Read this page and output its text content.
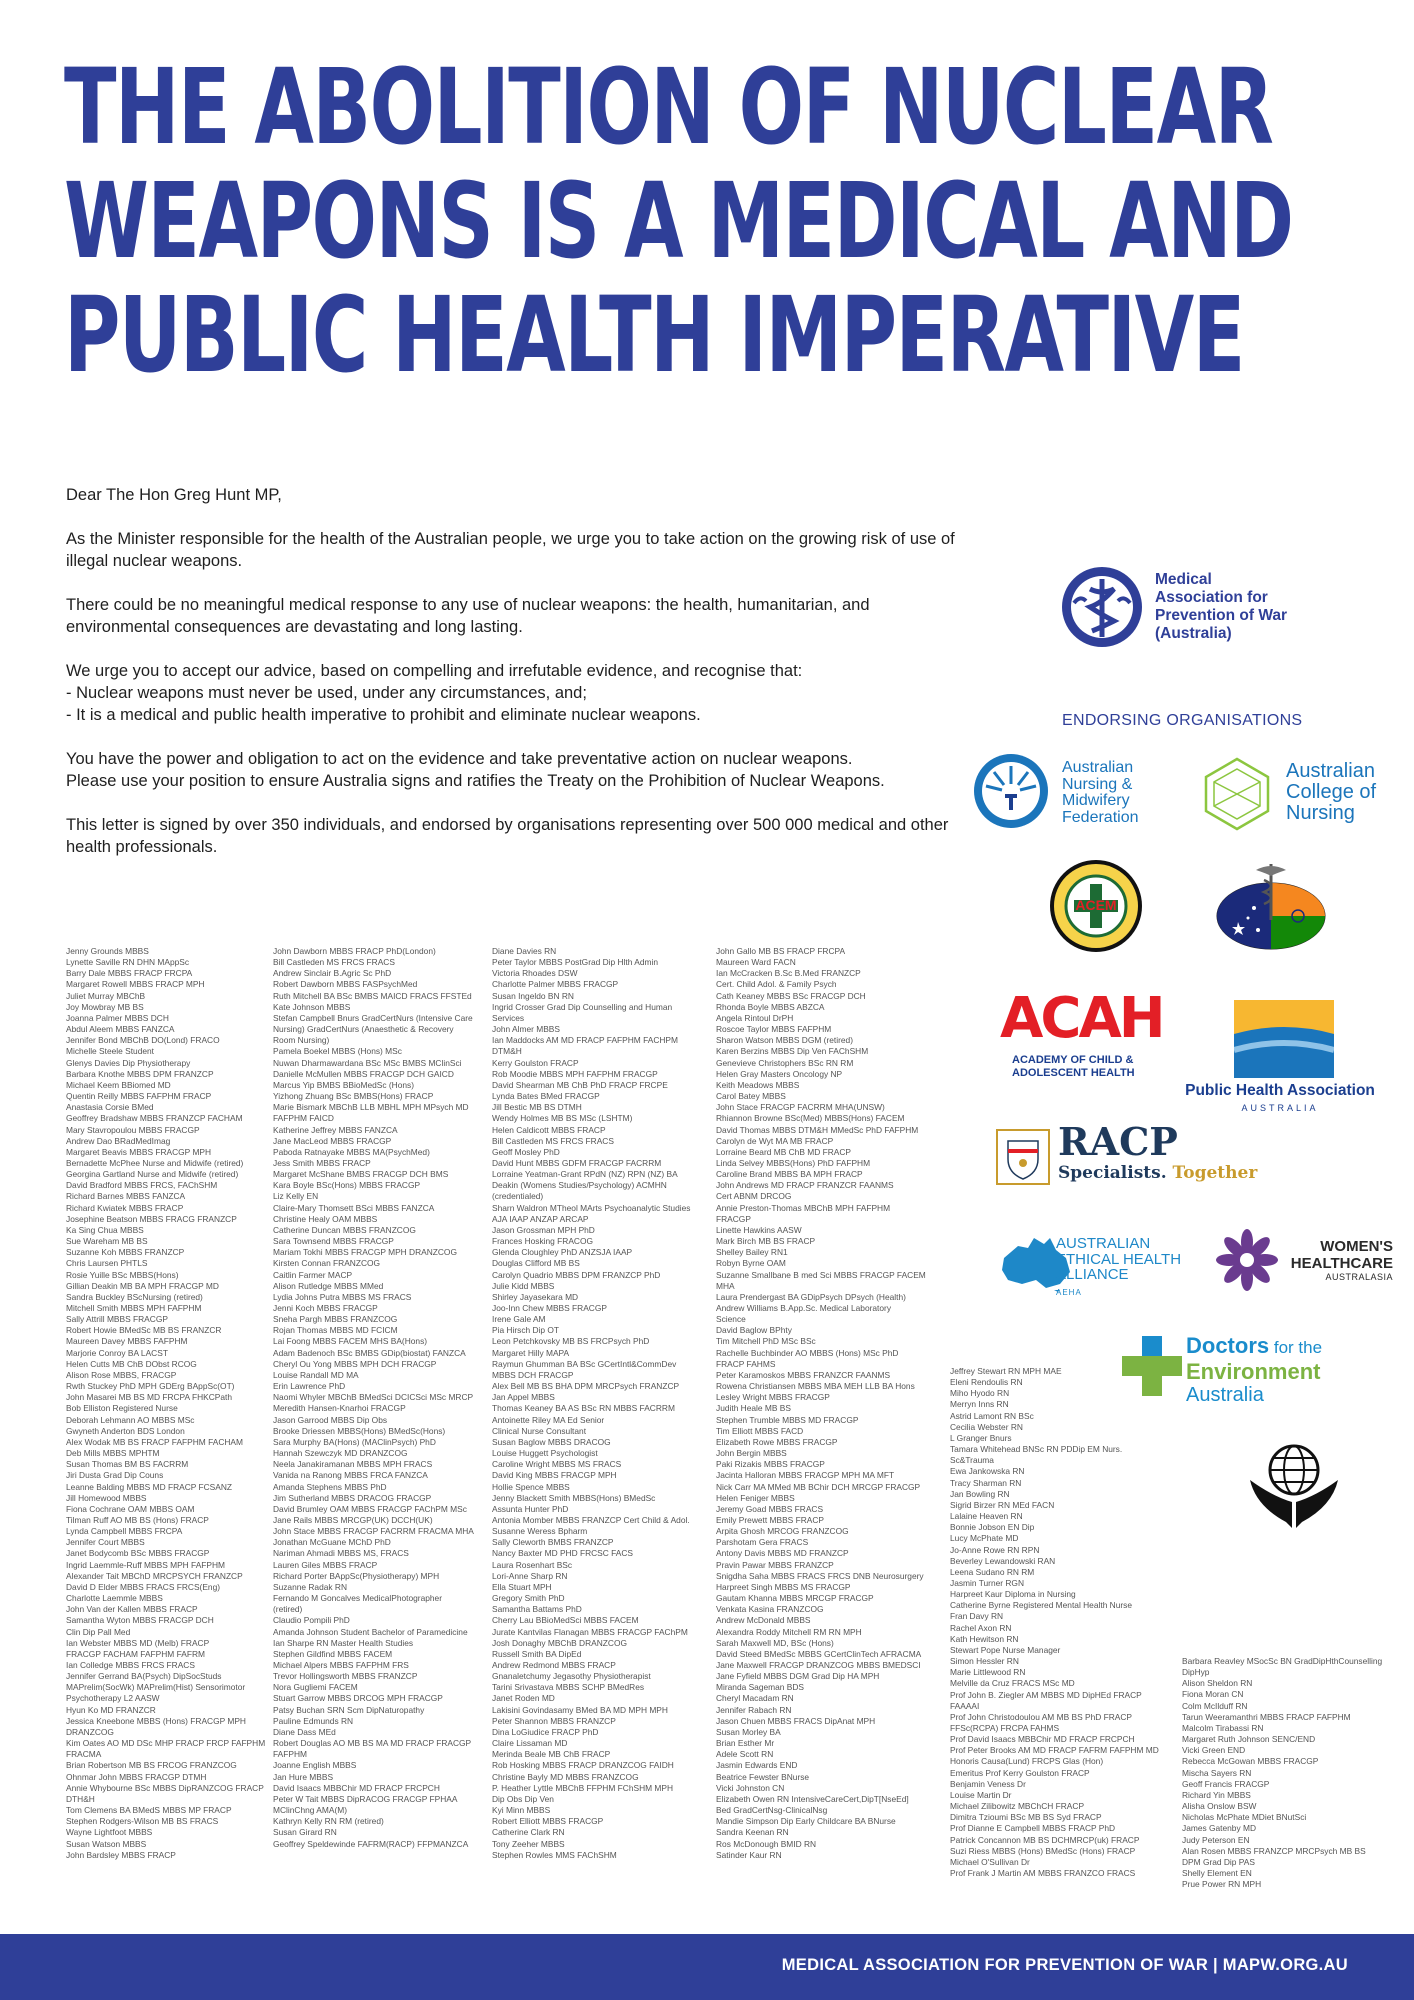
THE ABOLITION OF NUCLEAR
WEAPONS IS A MEDICAL AND
PUBLIC HEALTH IMPERATIVE

Dear The Hon Greg Hunt MP,

As the Minister responsible for the health of the Australian people, we urge you to take action on the growing risk of use of illegal nuclear weapons.

There could be no meaningful medical response to any use of nuclear weapons: the health, humanitarian, and environmental consequences are devastating and long lasting.

We urge you to accept our advice, based on compelling and irrefutable evidence, and recognise that:
- Nuclear weapons must never be used, under any circumstances, and;
- It is a medical and public health imperative to prohibit and eliminate nuclear weapons.

You have the power and obligation to act on the evidence and take preventative action on nuclear weapons.
Please use your position to ensure Australia signs and ratifies the Treaty on the Prohibition of Nuclear Weapons.

This letter is signed by over 350 individuals, and endorsed by organisations representing over 500 000 medical and other health professionals.

Medical
Association for
Prevention of War
(Australia)
ENDORSING ORGANISATIONS
Australian
Nursing &
Midwifery
Federation
Australian
College of
Nursing
ACEM
ACAH
ACADEMY OF CHILD &
ADOLESCENT HEALTH
Public Health Association
AUSTRALIA
RACP
Specialists. Together
AUSTRALIAN
ETHICAL HEALTH
ALLIANCE
AEHA
WOMEN'S
HEALTHCARE
AUSTRALASIA
Doctors for the
Environment
Australia
Jenny Grounds MBBS
Lynette Saville RN DHN MAppSc
Barry Dale MBBS FRACP FRCPA
Margaret Rowell MBBS FRACP MPH
Juliet Murray MBChB
Joy Mowbray MB BS
Joanna Palmer MBBS DCH
Abdul Aleem MBBS FANZCA
Jennifer Bond MBChB DO(Lond) FRACO
Michelle Steele Student
Glenys Davies Dip Physiotherapy
Barbara Knothe MBBS DPM FRANZCP
Michael Keem BBiomed MD
Quentin Reilly MBBS FAFPHM FRACP
Anastasia Corsie BMed
Geoffrey Bradshaw MBBS FRANZCP FACHAM
Mary Stavropoulou MBBS FRACGP
Andrew Dao BRadMedImag
Margaret Beavis MBBS FRACGP MPH
Bernadette McPhee Nurse and Midwife (retired)
Georgina Gartland Nurse and Midwife (retired)
David Bradford MBBS FRCS, FAChSHM
Richard Barnes MBBS FANZCA
Richard Kwiatek MBBS FRACP
Josephine Beatson MBBS FRACG FRANZCP
Ka Sing Chua MBBS
Sue Wareham MB BS
Suzanne Koh MBBS FRANZCP
Chris Laursen PHTLS
Rosie Yuille BSc MBBS(Hons)
Gillian Deakin MB BA MPH FRACGP MD
Sandra Buckley BScNursing (retired)
Mitchell Smith MBBS MPH FAFPHM
Sally Attrill MBBS FRACGP
Robert Howie BMedSc MB BS FRANZCR
Maureen Davey MBBS FAFPHM
Marjorie Conroy BA LACST
Helen Cutts MB ChB DObst RCOG
Alison Rose MBBS, FRACGP
Rwth Stuckey PhD MPH GDErg BAppSc(OT)
John Masarei MB BS MD FRCPA FHKCPath
Bob Elliston Registered Nurse
Deborah Lehmann AO MBBS MSc
Gwyneth Anderton BDS London
Alex Wodak MB BS FRACP FAFPHM FACHAM
Deb Mills MBBS MPHTM
Susan Thomas BM BS FACRRM
Jiri Dusta Grad Dip Couns
Leanne Balding MBBS MD FRACP FCSANZ
Jill Homewood MBBS
Fiona Cochrane OAM MBBS OAM
Tilman Ruff AO MB BS (Hons) FRACP
Lynda Campbell MBBS FRCPA
Jennifer Court MBBS
Janet Bodycomb BSc MBBS FRACGP
Ingrid Laemmle-Ruff MBBS MPH FAFPHM
Alexander Tait MBChD MRCPSYCH FRANZCP
David D Elder MBBS FRACS FRCS(Eng)
Charlotte Laemmle MBBS
John Van der Kallen MBBS FRACP
Samantha Wyton MBBS FRACGP DCH
Clin Dip Pall Med
Ian Webster MBBS MD (Melb) FRACP
FRACGP FACHAM FAFPHM FAFRM
Ian Colledge MBBS FRCS FRACS
Jennifer Gerrand BA(Psych) DipSocStuds
MAPrelim(SocWk) MAPrelim(Hist) Sensorimotor
Psychotherapy L2 AASW
Hyun Ko MD FRANZCR
Jessica Kneebone MBBS (Hons) FRACGP MPH
DRANZCOG
Kim Oates AO MD DSc MHP FRACP FRCP FAFPHM
FRACMA
Brian Robertson MB BS FRCOG FRANZCOG
Ohnmar John MBBS FRACGP DTMH
Annie Whybourne BSc MBBS DipRANZCOG FRACP
DTH&H
Tom Clemens BA BMedS MBBS MP FRACP
Stephen Rodgers-Wilson MB BS FRACS
Wayne Lightfoot MBBS
Susan Watson MBBS
John Bardsley MBBS FRACP
John Dawborn MBBS FRACP PhD(London)
Bill Castleden MS FRCS FRACS
Andrew Sinclair B.Agric Sc PhD
Robert Dawborn MBBS FASPsychMed
Ruth Mitchell BA BSc BMBS MAICD FRACS FFSTEd
Kate Johnson MBBS
Stefan Campbell Bnurs GradCertNurs (Intensive Care
Nursing) GradCertNurs (Anaesthetic & Recovery
Room Nursing)
Pamela Boekel MBBS (Hons) MSc
Nuwan Dharmawardana BSc MSc BMBS MClinSci
Danielle McMullen MBBS FRACGP DCH GAICD
Marcus Yip BMBS BBioMedSc (Hons)
Yizhong Zhuang BSc BMBS(Hons) FRACP
Marie Bismark MBChB LLB MBHL MPH MPsych MD
FAFPHM FAICD
Katherine Jeffrey MBBS FANZCA
Jane MacLeod MBBS FRACGP
Paboda Ratnayake MBBS MA(PsychMed)
Jess Smith MBBS FRACP
Margaret McShane BMBS FRACGP DCH BMS
Kara Boyle BSc(Hons) MBBS FRACGP
Liz Kelly EN
Claire-Mary Thomsett BSci MBBS FANZCA
Christine Healy OAM MBBS
Catherine Duncan MBBS FRANZCOG
Sara Townsend MBBS FRACGP
Mariam Tokhi MBBS FRACGP MPH DRANZCOG
Kirsten Connan FRANZCOG
Caitlin Farmer MACP
Alison Rutledge MBBS MMed
Lydia Johns Putra MBBS MS FRACS
Jenni Koch MBBS FRACGP
Sneha Pargh MBBS FRANZCOG
Rojan Thomas MBBS MD FCICM
Lai Foong MBBS FACEM MHS BA(Hons)
Adam Badenoch BSc BMBS GDip(biostat) FANZCA
Cheryl Ou Yong MBBS MPH DCH FRACGP
Louise Randall MD MA
Erin Lawrence PhD
Naomi Whyler MBChB BMedSci DCICSci MSc MRCP
Meredith Hansen-Knarhoi FRACGP
Jason Garrood MBBS Dip Obs
Brooke Driessen MBBS(Hons) BMedSc(Hons)
Sara Murphy BA(Hons) (MAClinPsych) PhD
Hannah Szewczyk MD DRANZCOG
Neela Janakiramanan MBBS MPH FRACS
Vanida na Ranong MBBS FRCA FANZCA
Amanda Stephens MBBS PhD
Jim Sutherland MBBS DRACOG FRACGP
David Brumley OAM MBBS FRACGP FAChPM MSc
Jane Rails MBBS MRCGP(UK) DCCH(UK)
John Stace MBBS FRACGP FACRRM FRACMA MHA
Jonathan McGuane MChD PhD
Nariman Ahmadi MBBS MS, FRACS
Lauren Giles MBBS FRACP
Richard Porter BAppSc(Physiotherapy) MPH
Suzanne Radak RN
Fernando M Goncalves MedicalPhotographer
(retired)
Claudio Pompili PhD
Amanda Johnson Student Bachelor of Paramedicine
Ian Sharpe RN Master Health Studies
Stephen Gildfind MBBS FACEM
Michael Alpers MBBS FAFPHM FRS
Trevor Hollingsworth MBBS FRANZCP
Nora Gugliemi FACEM
Stuart Garrow MBBS DRCOG MPH FRACGP
Patsy Buchan SRN Scm DipNaturopathy
Pauline Edmunds RN
Diane Dass MEd
Robert Douglas AO MB BS MA MD FRACP FRACGP
FAFPHM
Joanne English MBBS
Jan Hure MBBS
David Isaacs MBBChir MD FRACP FRCPCH
Peter W Tait MBBS DipRACOG FRACGP FPHAA
MClinChng AMA(M)
Kathryn Kelly RN RM (retired)
Susan Girard RN
Geoffrey Speldewinde FAFRM(RACP) FFPMANZCA
Diane Davies RN
Peter Taylor MBBS PostGrad Dip Hlth Admin
Victoria Rhoades DSW
Charlotte Palmer MBBS FRACGP
Susan Ingeldo BN RN
Ingrid Crosser Grad Dip Counselling and Human
Services
John Almer MBBS
Ian Maddocks AM MD FRACP FAFPHM FACHPM
DTM&H
Kerry Goulston FRACP
Rob Moodie MBBS MPH FAFPHM FRACGP
David Shearman MB ChB PhD FRACP FRCPE
Lynda Bates BMed FRACGP
Jill Bestic MB BS DTMH
Wendy Holmes MB BS MSc (LSHTM)
Helen Caldicott MBBS FRACP
Bill Castleden MS FRCS FRACS
Geoff Mosley PhD
David Hunt MBBS GDFM FRACGP FACRRM
Lorraine Yeatman-Grant RPdN (NZ) RPN (NZ) BA
Deakin (Womens Studies/Psychology) ACMHN
(credentialed)
Sharn Waldron MTheol MArts Psychoanalytic Studies
AJA IAAP ANZAP ARCAP
Jason Grossman MPH PhD
Frances Hosking FRACOG
Glenda Cloughley PhD ANZSJA IAAP
Douglas Clifford MB BS
Carolyn Quadrio MBBS DPM FRANZCP PhD
Julie Kidd MBBS
Shirley Jayasekara MD
Joo-Inn Chew MBBS FRACGP
Irene Gale AM
Pia Hirsch Dip OT
Leon Petchkovsky MB BS FRCPsych PhD
Margaret Hilly MAPA
Raymun Ghumman BA BSc GCertIntl&CommDev
MBBS DCH FRACGP
Alex Bell MB BS BHA DPM MRCPsych FRANZCP
Jan Appel MBBS
Thomas Keaney BA AS BSc RN MBBS FACRRM
Antoinette Riley MA Ed Senior
Clinical Nurse Consultant
Susan Baglow MBBS DRACOG
Louise Huggett Psychologist
Caroline Wright MBBS MS FRACS
David King MBBS FRACGP MPH
Hollie Spence MBBS
Jenny Blackett Smith MBBS(Hons) BMedSc
Assunta Hunter PhD
Antonia Momber MBBS FRANZCP Cert Child & Adol.
Susanne Weress Bpharm
Sally Cleworth BMBS FRANZCP
Nancy Baxter MD PHD FRCSC FACS
Laura Rosenhart BSc
Lori-Anne Sharp RN
Ella Stuart MPH
Gregory Smith PhD
Samantha Battams PhD
Cherry Lau BBioMedSci MBBS FACEM
Jurate Kantvilas Flanagan MBBS FRACGP FAChPM
Josh Donaghy MBChB DRANZCOG
Russell Smith BA DipEd
Andrew Redmond MBBS FRACP
Gnanaletchumy Jegasothy Physiotherapist
Tarini Srivastava MBBS SCHP BMedRes
Janet Roden MD
Lakisini Govindasamy BMed BA MD MPH MPH
Peter Shannon MBBS FRANZCP
Dina LoGiudice FRACP PhD
Claire Lissaman MD
Merinda Beale MB ChB FRACP
Rob Hosking MBBS FRACP DRANZCOG FAIDH
Christine Bayly MD MBBS FRANZCOG
P. Heather Lyttle MBChB FFPHM FChSHM MPH
Dip Obs Dip Ven
Kyi Minn MBBS
Robert Elliott MBBS FRACGP
Catherine Clark RN
Tony Zeeher MBBS
Stephen Rowles MMS FAChSHM
John Gallo MB BS FRACP FRCPA
Maureen Ward FACN
Ian McCracken B.Sc B.Med FRANZCP
Cert. Child Adol. & Family Psych
Cath Keaney MBBS BSc FRACGP DCH
Rhonda Boyle MBBS ABZCA
Angela Rintoul DrPH
Roscoe Taylor MBBS FAFPHM
Sharon Watson MBBS DGM (retired)
Karen Berzins MBBS Dip Ven FAChSHM
Genevieve Christophers BSc RN RM
Helen Gray Masters Oncology NP
Keith Meadows MBBS
Carol Batey MBBS
John Stace FRACGP FACRRM MHA(UNSW)
Rhiannon Browne BSc(Med) MBBS(Hons) FACEM
David Thomas MBBS DTM&H MMedSc PhD FAFPHM
Carolyn de Wyt MA MB FRACP
Lorraine Beard MB ChB MD FRACP
Linda Selvey MBBS(Hons) PhD FAFPHM
Caroline Brand MBBS BA MPH FRACP
John Andrews MD FRACP FRANZCR FAANMS
Cert ABNM DRCOG
Annie Preston-Thomas MBChB MPH FAFPHM
FRACGP
Linette Hawkins AASW
Mark Birch MB BS FRACP
Shelley Bailey RN1
Robyn Byrne OAM
Suzanne Smallbane B med Sci MBBS FRACGP FACEM
MHA
Laura Prendergast BA GDipPsych DPsych (Health)
Andrew Williams B.App.Sc. Medical Laboratory
Science
David Baglow BPhty
Tim Mitchell PhD MSc BSc
Rachelle Buchbinder AO MBBS (Hons) MSc PhD
FRACP FAHMS
Peter Karamoskos MBBS FRANZCR FAANMS
Rowena Christiansen MBBS MBA MEH LLB BA Hons
Lesley Wright MBBS FRACGP
Judith Heale MB BS
Stephen Trumble MBBS MD FRACGP
Tim Elliott MBBS FACD
Elizabeth Rowe MBBS FRACGP
John Bergin MBBS
Paki Rizakis MBBS FRACGP
Jacinta Halloran MBBS FRACGP MPH MA MFT
Nick Carr MA MMed MB BChir DCH MRCGP FRACGP
Helen Feniger MBBS
Jeremy Goad MBBS FRACS
Emily Prewett MBBS FRACP
Arpita Ghosh MRCOG FRANZCOG
Parshotam Gera FRACS
Antony Davis MBBS MD FRANZCP
Pravin Pawar MBBS FRANZCP
Snigdha Saha MBBS FRACS FRCS DNB Neurosurgery
Harpreet Singh MBBS MS FRACGP
Gautam Khanna MBBS MRCGP FRACGP
Venkata Kasina FRANZCOG
Andrew McDonald MBBS
Alexandra Roddy Mitchell RM RN MPH
Sarah Maxwell MD, BSc (Hons)
David Steed BMedSc MBBS GCertClinTech AFRACMA
Jane Maxwell FRACGP DRANZCOG MBBS BMEDSCI
Jane Fyfield MBBS DGM Grad Dip HA MPH
Miranda Sageman BDS
Cheryl Macadam RN
Jennifer Rabach RN
Jason Chuen MBBS FRACS DipAnat MPH
Susan Morley BA
Brian Esther Mr
Adele Scott RN
Jasmin Edwards END
Beatrice Fewster BNurse
Vicki Johnston CN
Elizabeth Owen RN IntensiveCareCert,DipT[NseEd]
Bed GradCertNsg-ClinicalNsg
Mandie Simpson Dip Early Childcare BA BNurse
Sandra Keenan RN
Ros McDonough BMID RN
Satinder Kaur RN
Jeffrey Stewart RN MPH MAE
Eleni Rendoulis RN
Miho Hyodo RN
Merryn Inns RN
Astrid Lamont RN BSc
Cecilia Webster RN
L Granger Bnurs
Tamara Whitehead BNSc RN PDDip EM Nurs.
Sc&Trauma
Ewa Jankowska RN
Tracy Sharman RN
Jan Bowling RN
Sigrid Birzer RN MEd FACN
Lalaine Heaven RN
Bonnie Jobson EN Dip
Lucy McPhate MD
Jo-Anne Rowe RN RPN
Beverley Lewandowski RAN
Leena Sudano RN RM
Jasmin Turner RGN
Harpreet Kaur Diploma in Nursing
Catherine Byrne Registered Mental Health Nurse
Fran Davy RN
Rachel Axon RN
Kath Hewitson RN
Stewart Pope Nurse Manager
Simon Hessler RN
Marie Littlewood RN
Melville da Cruz FRACS MSc MD
Prof John B. Ziegler AM MBBS MD DipHEd FRACP
FAAAAI
Prof John Christodoulou AM MB BS PhD FRACP
FFSc(RCPA) FRCPA FAHMS
Prof David Isaacs MBBChir MD FRACP FRCPCH
Prof Peter Brooks AM MD FRACP FAFRM FAFPHM MD
Honoris Causa(Lund) FRCPS Glas (Hon)
Emeritus Prof Kerry Goulston FRACP
Benjamin Veness Dr
Louise Martin Dr
Michael Zilibowitz MBChCH FRACP
Dimitra Tzioumi BSc MB BS Syd FRACP
Prof Dianne E Campbell MBBS FRACP PhD
Patrick Concannon MB BS DCHMRCP(uk) FRACP
Suzi Riess MBBS (Hons) BMedSc (Hons) FRACP
Michael O'Sullivan Dr
Prof Frank J Martin AM MBBS FRANZCO FRACS
Barbara Reavley MSocSc BN GradDipHthCounselling
DipHyp
Alison Sheldon RN
Fiona Moran CN
Colm McIlduff RN
Tarun Weeramanthri MBBS FRACP FAFPHM
Malcolm Tirabassi RN
Margaret Ruth Johnson SENC/END
Vicki Green END
Rebecca McGowan MBBS FRACGP
Mischa Sayers RN
Geoff Francis FRACGP
Richard Yin MBBS
Alisha Onslow BSW
Nicholas McPhate MDiet BNutSci
James Gatenby MD
Judy Peterson EN
Alan Rosen MBBS FRANZCP MRCPsych MB BS
DPM Grad Dip PAS
Shelly Element EN
Prue Power RN MPH
MEDICAL ASSOCIATION FOR PREVENTION OF WAR | MAPW.ORG.AU
